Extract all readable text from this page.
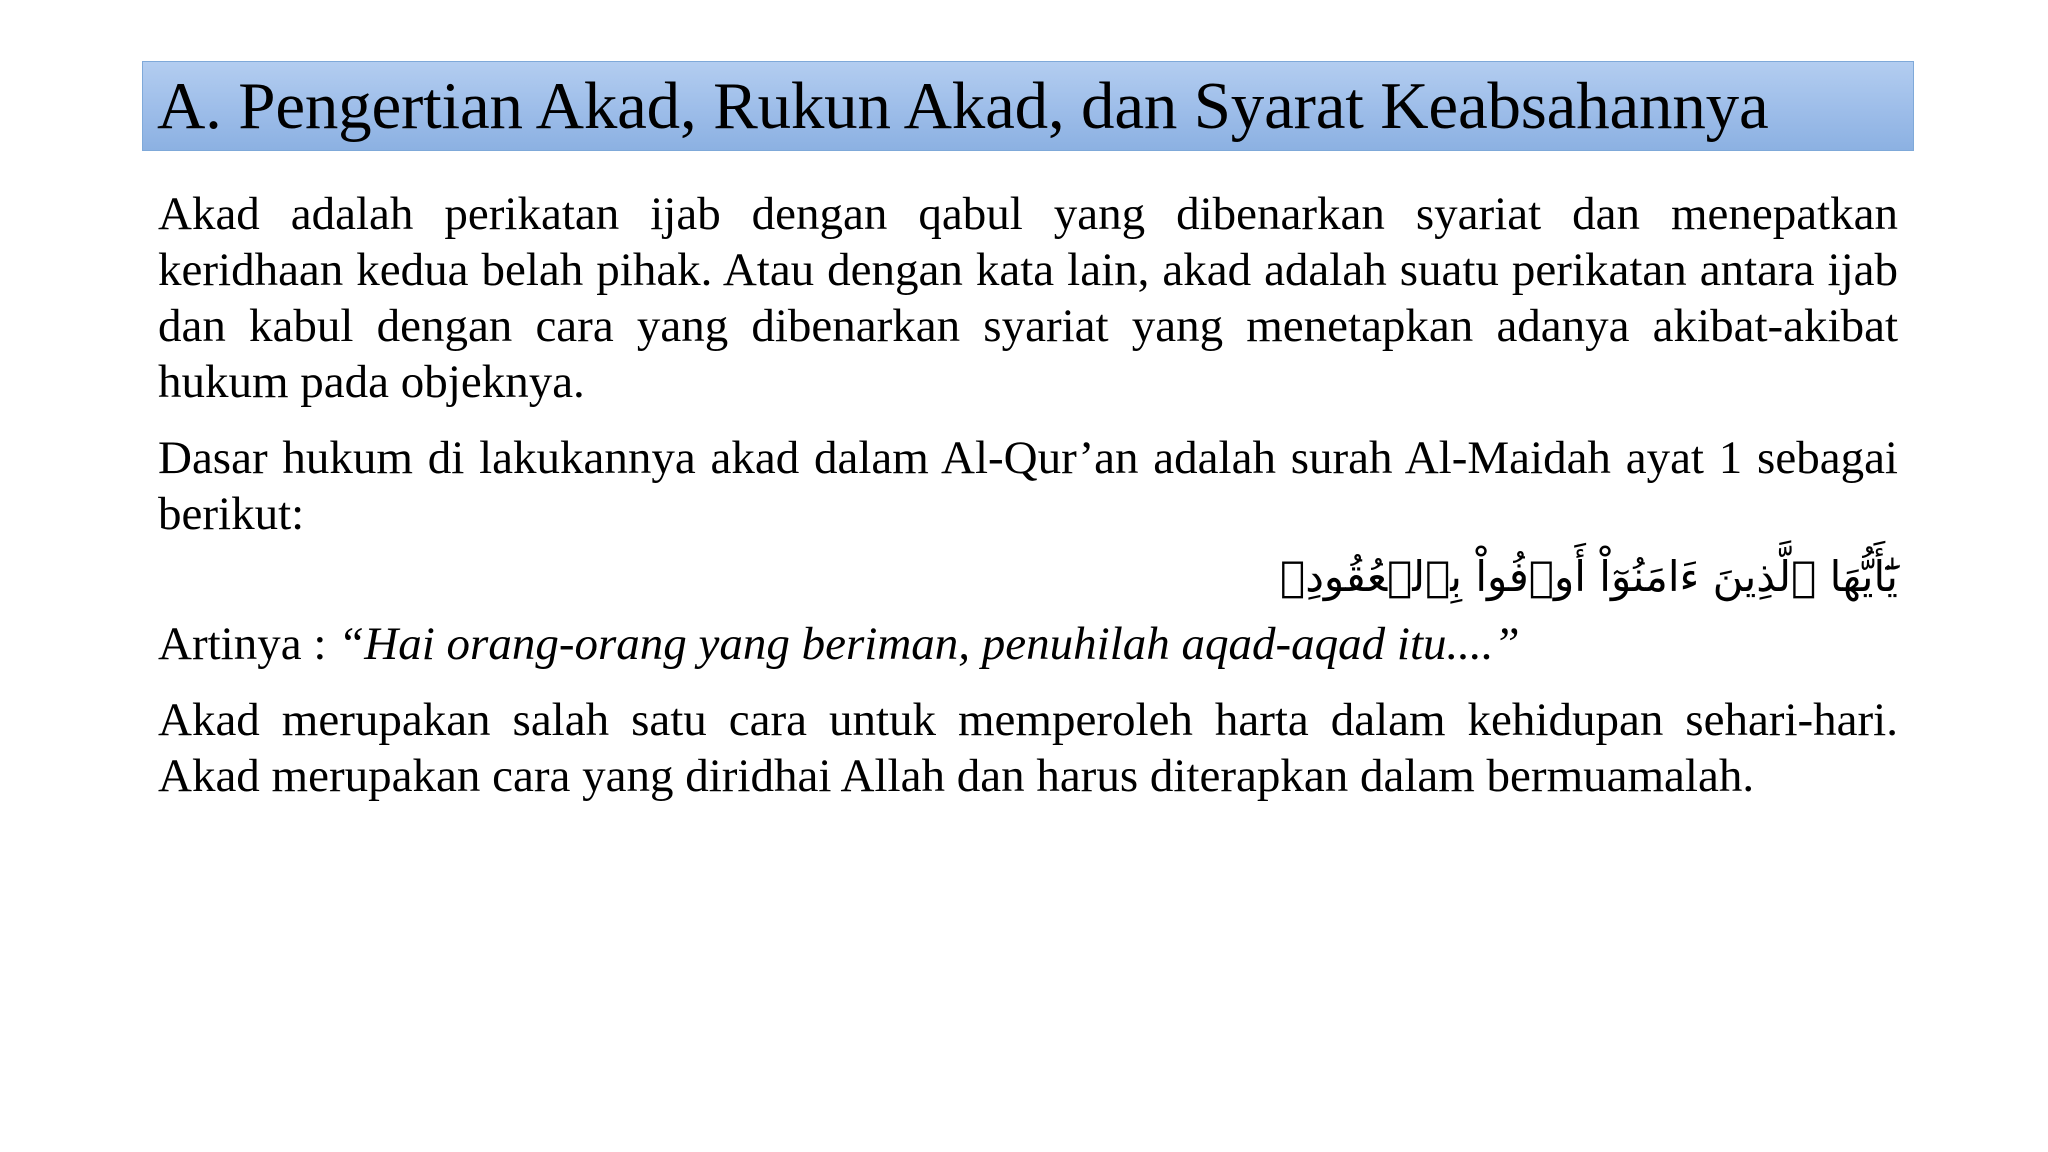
A. Pengertian Akad, Rukun Akad, dan Syarat Keabsahannya

Akad adalah perikatan ijab dengan qabul yang dibenarkan syariat dan menepatkan keridhaan kedua belah pihak. Atau dengan kata lain, akad adalah suatu perikatan antara ijab dan kabul dengan cara yang dibenarkan syariat yang menetapkan adanya akibat-akibat hukum pada objeknya.

Dasar hukum di lakukannya akad dalam Al-Qur’an adalah surah Al-Maidah ayat 1 sebagai berikut:

يَٰٓأَيُّهَا ٱلَّذِينَ ءَامَنُوٓاْ أَوۡفُواْ بِٱلۡعُقُودِۚ

Artinya : “Hai orang-orang yang beriman, penuhilah aqad-aqad itu....”

Akad merupakan salah satu cara untuk memperoleh harta dalam kehidupan sehari-hari. Akad merupakan cara yang diridhai Allah dan harus diterapkan dalam bermuamalah.
